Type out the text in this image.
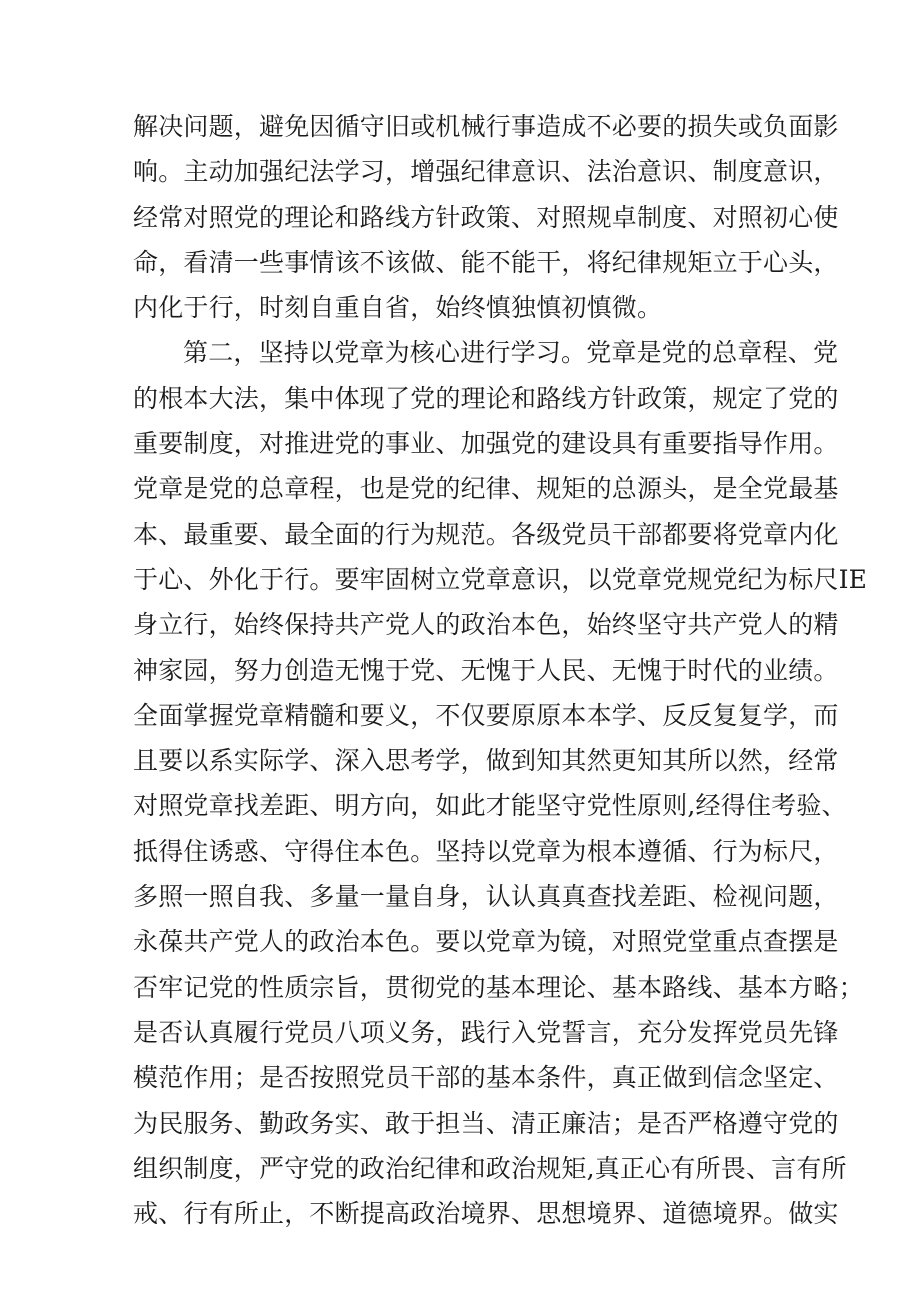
解决问题，避免因循守旧或机械行事造成不必要的损失或负面影
响。主动加强纪法学习，增强纪律意识、法治意识、制度意识，
经常对照党的理论和路线方针政策、对照规卓制度、对照初心使
命，看清一些事情该不该做、能不能干，将纪律规矩立于心头，
内化于行，时刻自重自省，始终慎独慎初慎微。
第二，坚持以党章为核心进行学习。党章是党的总章程、党
的根本大法，集中体现了党的理论和路线方针政策，规定了党的
重要制度，对推进党的事业、加强党的建设具有重要指导作用。
党章是党的总章程，也是党的纪律、规矩的总源头，是全党最基
本、最重要、最全面的行为规范。各级党员干部都要将党章内化
于心、外化于行。要牢固树立党章意识，以党章党规党纪为标尺IE
身立行，始终保持共产党人的政治本色，始终坚守共产党人的精
神家园，努力创造无愧于党、无愧于人民、无愧于时代的业绩。
全面掌握党章精髓和要义，不仅要原原本本学、反反复复学，而
且要以系实际学、深入思考学，做到知其然更知其所以然，经常
对照党章找差距、明方向，如此才能坚守党性原则,经得住考验、
抵得住诱惑、守得住本色。坚持以党章为根本遵循、行为标尺，
多照一照自我、多量一量自身，认认真真查找差距、检视问题，
永葆共产党人的政治本色。要以党章为镜，对照党堂重点查摆是
否牢记党的性质宗旨，贯彻党的基本理论、基本路线、基本方略；
是否认真履行党员八项义务，践行入党誓言，充分发挥党员先锋
模范作用；是否按照党员干部的基本条件，真正做到信念坚定、
为民服务、勤政务实、敢于担当、清正廉洁；是否严格遵守党的
组织制度，严守党的政治纪律和政治规矩,真正心有所畏、言有所
戒、行有所止，不断提高政治境界、思想境界、道德境界。做实
